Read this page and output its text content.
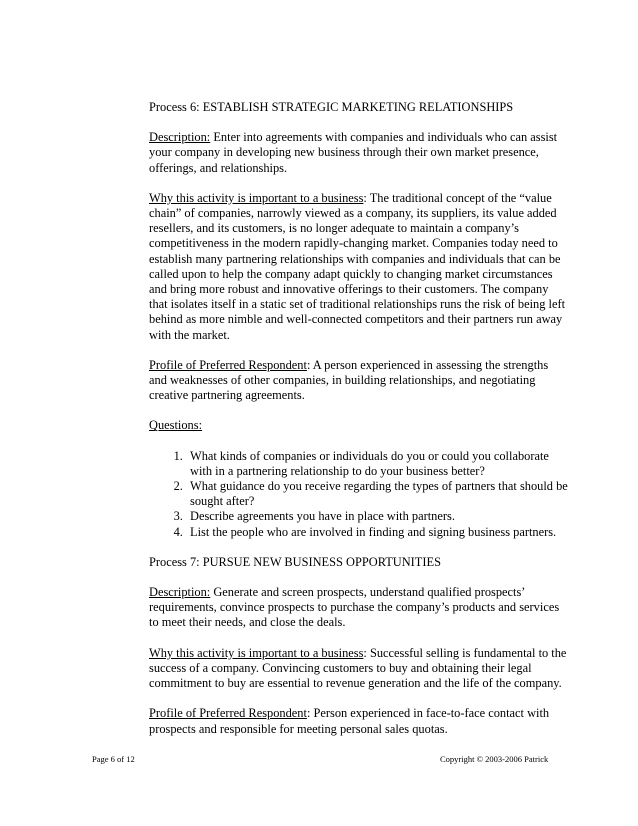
Process 6: ESTABLISH STRATEGIC MARKETING RELATIONSHIPS

Description: Enter into agreements with companies and individuals who can assist your company in developing new business through their own market presence, offerings, and relationships.

Why this activity is important to a business: The traditional concept of the “value chain” of companies, narrowly viewed as a company, its suppliers, its value added resellers, and its customers, is no longer adequate to maintain a company’s competitiveness in the modern rapidly-changing market. Companies today need to establish many partnering relationships with companies and individuals that can be called upon to help the company adapt quickly to changing market circumstances and bring more robust and innovative offerings to their customers. The company that isolates itself in a static set of traditional relationships runs the risk of being left behind as more nimble and well-connected competitors and their partners run away with the market.

Profile of Preferred Respondent: A person experienced in assessing the strengths and weaknesses of other companies, in building relationships, and negotiating creative partnering agreements.

Questions:

1. What kinds of companies or individuals do you or could you collaborate with in a partnering relationship to do your business better?
2. What guidance do you receive regarding the types of partners that should be sought after?
3. Describe agreements you have in place with partners.
4. List the people who are involved in finding and signing business partners.

Process 7: PURSUE NEW BUSINESS OPPORTUNITIES

Description: Generate and screen prospects, understand qualified prospects’ requirements, convince prospects to purchase the company’s products and services to meet their needs, and close the deals.

Why this activity is important to a business: Successful selling is fundamental to the success of a company. Convincing customers to buy and obtaining their legal commitment to buy are essential to revenue generation and the life of the company.

Profile of Preferred Respondent: Person experienced in face-to-face contact with prospects and responsible for meeting personal sales quotas.

Page 6 of 12	Copyright © 2003-2006 Patrick
